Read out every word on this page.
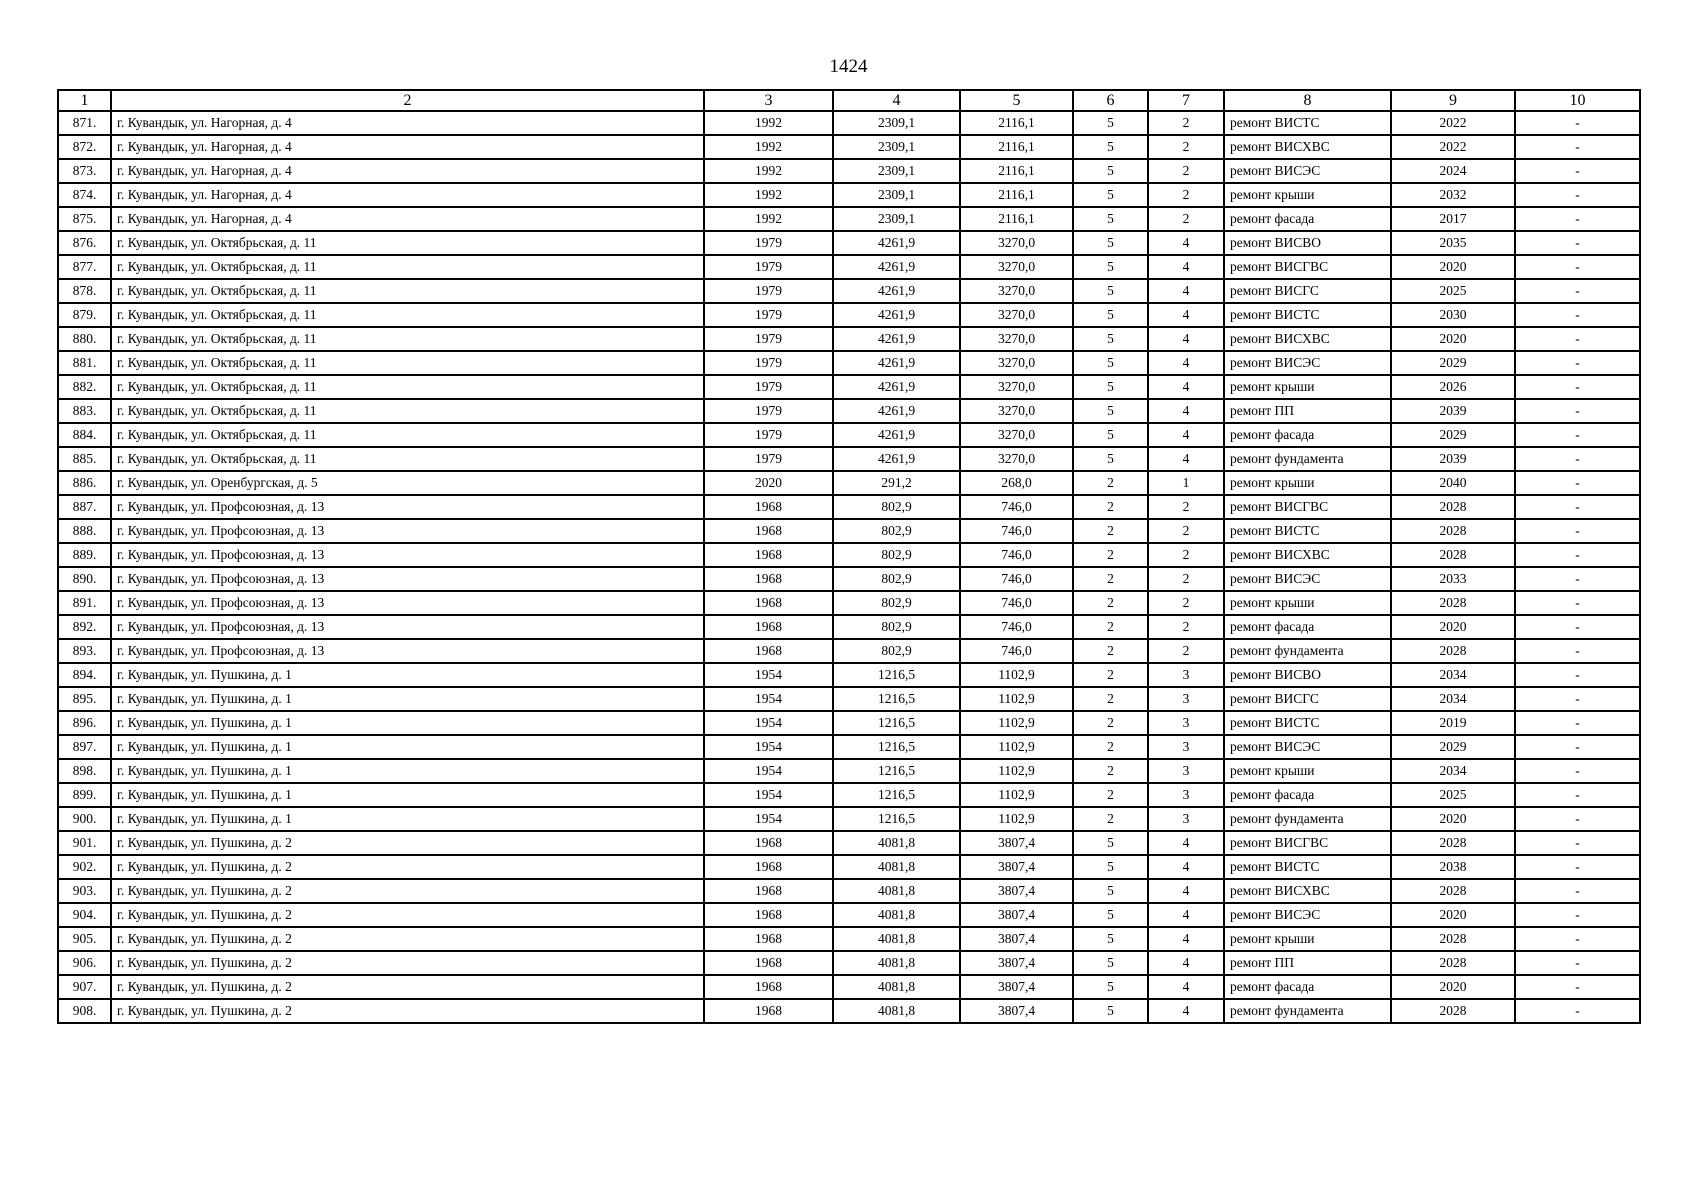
1424
1	2	3	4	5	6	7	8	9	10
871.	г. Кувандык, ул. Нагорная, д. 4	1992	2309,1	2116,1	5	2	ремонт ВИСТС	2022	-
872.	г. Кувандык, ул. Нагорная, д. 4	1992	2309,1	2116,1	5	2	ремонт ВИСХВС	2022	-
873.	г. Кувандык, ул. Нагорная, д. 4	1992	2309,1	2116,1	5	2	ремонт ВИСЭС	2024	-
874.	г. Кувандык, ул. Нагорная, д. 4	1992	2309,1	2116,1	5	2	ремонт крыши	2032	-
875.	г. Кувандык, ул. Нагорная, д. 4	1992	2309,1	2116,1	5	2	ремонт фасада	2017	-
876.	г. Кувандык, ул. Октябрьская, д. 11	1979	4261,9	3270,0	5	4	ремонт ВИСВО	2035	-
877.	г. Кувандык, ул. Октябрьская, д. 11	1979	4261,9	3270,0	5	4	ремонт ВИСГВС	2020	-
878.	г. Кувандык, ул. Октябрьская, д. 11	1979	4261,9	3270,0	5	4	ремонт ВИСГС	2025	-
879.	г. Кувандык, ул. Октябрьская, д. 11	1979	4261,9	3270,0	5	4	ремонт ВИСТС	2030	-
880.	г. Кувандык, ул. Октябрьская, д. 11	1979	4261,9	3270,0	5	4	ремонт ВИСХВС	2020	-
881.	г. Кувандык, ул. Октябрьская, д. 11	1979	4261,9	3270,0	5	4	ремонт ВИСЭС	2029	-
882.	г. Кувандык, ул. Октябрьская, д. 11	1979	4261,9	3270,0	5	4	ремонт крыши	2026	-
883.	г. Кувандык, ул. Октябрьская, д. 11	1979	4261,9	3270,0	5	4	ремонт ПП	2039	-
884.	г. Кувандык, ул. Октябрьская, д. 11	1979	4261,9	3270,0	5	4	ремонт фасада	2029	-
885.	г. Кувандык, ул. Октябрьская, д. 11	1979	4261,9	3270,0	5	4	ремонт фундамента	2039	-
886.	г. Кувандык, ул. Оренбургская, д. 5	2020	291,2	268,0	2	1	ремонт крыши	2040	-
887.	г. Кувандык, ул. Профсоюзная, д. 13	1968	802,9	746,0	2	2	ремонт ВИСГВС	2028	-
888.	г. Кувандык, ул. Профсоюзная, д. 13	1968	802,9	746,0	2	2	ремонт ВИСТС	2028	-
889.	г. Кувандык, ул. Профсоюзная, д. 13	1968	802,9	746,0	2	2	ремонт ВИСХВС	2028	-
890.	г. Кувандык, ул. Профсоюзная, д. 13	1968	802,9	746,0	2	2	ремонт ВИСЭС	2033	-
891.	г. Кувандык, ул. Профсоюзная, д. 13	1968	802,9	746,0	2	2	ремонт крыши	2028	-
892.	г. Кувандык, ул. Профсоюзная, д. 13	1968	802,9	746,0	2	2	ремонт фасада	2020	-
893.	г. Кувандык, ул. Профсоюзная, д. 13	1968	802,9	746,0	2	2	ремонт фундамента	2028	-
894.	г. Кувандык, ул. Пушкина, д. 1	1954	1216,5	1102,9	2	3	ремонт ВИСВО	2034	-
895.	г. Кувандык, ул. Пушкина, д. 1	1954	1216,5	1102,9	2	3	ремонт ВИСГС	2034	-
896.	г. Кувандык, ул. Пушкина, д. 1	1954	1216,5	1102,9	2	3	ремонт ВИСТС	2019	-
897.	г. Кувандык, ул. Пушкина, д. 1	1954	1216,5	1102,9	2	3	ремонт ВИСЭС	2029	-
898.	г. Кувандык, ул. Пушкина, д. 1	1954	1216,5	1102,9	2	3	ремонт крыши	2034	-
899.	г. Кувандык, ул. Пушкина, д. 1	1954	1216,5	1102,9	2	3	ремонт фасада	2025	-
900.	г. Кувандык, ул. Пушкина, д. 1	1954	1216,5	1102,9	2	3	ремонт фундамента	2020	-
901.	г. Кувандык, ул. Пушкина, д. 2	1968	4081,8	3807,4	5	4	ремонт ВИСГВС	2028	-
902.	г. Кувандык, ул. Пушкина, д. 2	1968	4081,8	3807,4	5	4	ремонт ВИСТС	2038	-
903.	г. Кувандык, ул. Пушкина, д. 2	1968	4081,8	3807,4	5	4	ремонт ВИСХВС	2028	-
904.	г. Кувандык, ул. Пушкина, д. 2	1968	4081,8	3807,4	5	4	ремонт ВИСЭС	2020	-
905.	г. Кувандык, ул. Пушкина, д. 2	1968	4081,8	3807,4	5	4	ремонт крыши	2028	-
906.	г. Кувандык, ул. Пушкина, д. 2	1968	4081,8	3807,4	5	4	ремонт ПП	2028	-
907.	г. Кувандык, ул. Пушкина, д. 2	1968	4081,8	3807,4	5	4	ремонт фасада	2020	-
908.	г. Кувандык, ул. Пушкина, д. 2	1968	4081,8	3807,4	5	4	ремонт фундамента	2028	-
